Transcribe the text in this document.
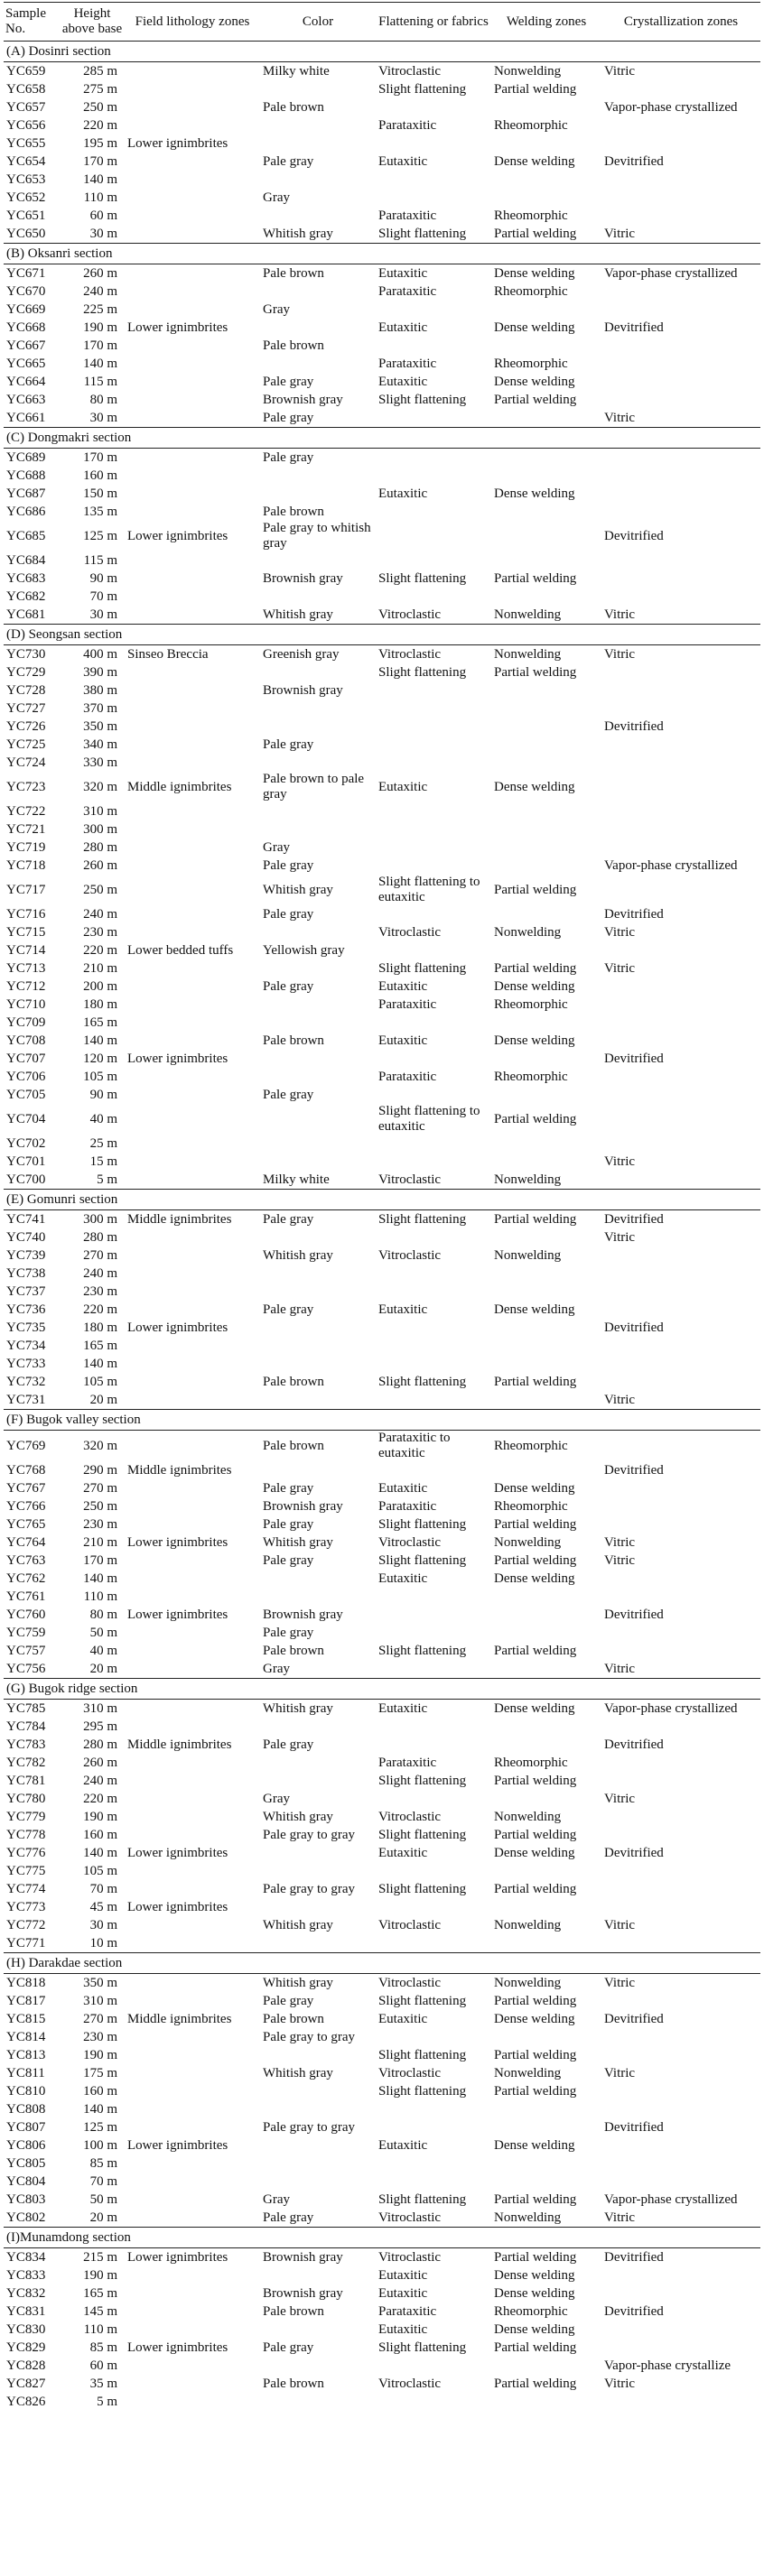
Sample No.	Height above base	Field lithology zones	Color	Flattening or fabrics	Welding zones	Crystallization zones
(A) Dosinri section						
YC659	285 m		Milky white	Vitroclastic	Nonwelding	Vitric
YC658	275 m			Slight flattening	Partial welding	
YC657	250 m		Pale brown			Vapor-phase crystallized
YC656	220 m			Parataxitic	Rheomorphic	
YC655	195 m	Lower ignimbrites				
YC654	170 m		Pale gray	Eutaxitic	Dense welding	Devitrified
YC653	140 m					
YC652	110 m		Gray			
YC651	60 m			Parataxitic	Rheomorphic	
YC650	30 m		Whitish gray	Slight flattening	Partial welding	Vitric
(B) Oksanri section						
YC671	260 m		Pale brown	Eutaxitic	Dense welding	Vapor-phase crystallized
YC670	240 m			Parataxitic	Rheomorphic	
YC669	225 m		Gray			
YC668	190 m	Lower ignimbrites		Eutaxitic	Dense welding	Devitrified
YC667	170 m		Pale brown			
YC665	140 m			Parataxitic	Rheomorphic	
YC664	115 m		Pale gray	Eutaxitic	Dense welding	
YC663	80 m		Brownish gray	Slight flattening	Partial welding	
YC661	30 m		Pale gray			Vitric
(C) Dongmakri section						
YC689	170 m		Pale gray			
YC688	160 m					
YC687	150 m			Eutaxitic	Dense welding	
YC686	135 m		Pale brown			
YC685	125 m	Lower ignimbrites	Pale gray to whitish gray			Devitrified
YC684	115 m					
YC683	90 m		Brownish gray	Slight flattening	Partial welding	
YC682	70 m					
YC681	30 m		Whitish gray	Vitroclastic	Nonwelding	Vitric
(D) Seongsan section						
YC730	400 m	Sinseo Breccia	Greenish gray	Vitroclastic	Nonwelding	Vitric
YC729	390 m			Slight flattening	Partial welding	
YC728	380 m		Brownish gray			
YC727	370 m					
YC726	350 m					Devitrified
YC725	340 m		Pale gray			
YC724	330 m					
YC723	320 m	Middle ignimbrites	Pale brown to pale gray	Eutaxitic	Dense welding	
YC722	310 m					
YC721	300 m					
YC719	280 m		Gray			
YC718	260 m		Pale gray			Vapor-phase crystallized
YC717	250 m		Whitish gray	Slight flattening to eutaxitic	Partial welding	
YC716	240 m		Pale gray			Devitrified
YC715	230 m			Vitroclastic	Nonwelding	Vitric
YC714	220 m	Lower bedded tuffs	Yellowish gray			
YC713	210 m			Slight flattening	Partial welding	Vitric
YC712	200 m		Pale gray	Eutaxitic	Dense welding	
YC710	180 m			Parataxitic	Rheomorphic	
YC709	165 m					
YC708	140 m		Pale brown	Eutaxitic	Dense welding	
YC707	120 m	Lower ignimbrites				Devitrified
YC706	105 m			Parataxitic	Rheomorphic	
YC705	90 m		Pale gray			
YC704	40 m			Slight flattening to eutaxitic	Partial welding	
YC702	25 m					
YC701	15 m					Vitric
YC700	5 m		Milky white	Vitroclastic	Nonwelding	
(E) Gomunri section						
YC741	300 m	Middle ignimbrites	Pale gray	Slight flattening	Partial welding	Devitrified
YC740	280 m					Vitric
YC739	270 m		Whitish gray	Vitroclastic	Nonwelding	
YC738	240 m					
YC737	230 m					
YC736	220 m		Pale gray	Eutaxitic	Dense welding	
YC735	180 m	Lower ignimbrites				Devitrified
YC734	165 m					
YC733	140 m					
YC732	105 m		Pale brown	Slight flattening	Partial welding	
YC731	20 m					Vitric
(F) Bugok valley section						
YC769	320 m		Pale brown	Parataxitic to eutaxitic	Rheomorphic	
YC768	290 m	Middle ignimbrites				Devitrified
YC767	270 m		Pale gray	Eutaxitic	Dense welding	
YC766	250 m		Brownish gray	Parataxitic	Rheomorphic	
YC765	230 m		Pale gray	Slight flattening	Partial welding	
YC764	210 m	Lower ignimbrites	Whitish gray	Vitroclastic	Nonwelding	Vitric
YC763	170 m		Pale gray	Slight flattening	Partial welding	Vitric
YC762	140 m			Eutaxitic	Dense welding	
YC761	110 m					
YC760	80 m	Lower ignimbrites	Brownish gray			Devitrified
YC759	50 m		Pale gray			
YC757	40 m		Pale brown	Slight flattening	Partial welding	
YC756	20 m		Gray			Vitric
(G) Bugok ridge section						
YC785	310 m		Whitish gray	Eutaxitic	Dense welding	Vapor-phase crystallized
YC784	295 m					
YC783	280 m	Middle ignimbrites	Pale gray			Devitrified
YC782	260 m			Parataxitic	Rheomorphic	
YC781	240 m			Slight flattening	Partial welding	
YC780	220 m		Gray			Vitric
YC779	190 m		Whitish gray	Vitroclastic	Nonwelding	
YC778	160 m		Pale gray to gray	Slight flattening	Partial welding	
YC776	140 m	Lower ignimbrites		Eutaxitic	Dense welding	Devitrified
YC775	105 m					
YC774	70 m		Pale gray to gray	Slight flattening	Partial welding	
YC773	45 m	Lower ignimbrites				
YC772	30 m		Whitish gray	Vitroclastic	Nonwelding	Vitric
YC771	10 m					
(H) Darakdae section						
YC818	350 m		Whitish gray	Vitroclastic	Nonwelding	Vitric
YC817	310 m		Pale gray	Slight flattening	Partial welding	
YC815	270 m	Middle ignimbrites	Pale brown	Eutaxitic	Dense welding	Devitrified
YC814	230 m		Pale gray to gray			
YC813	190 m			Slight flattening	Partial welding	
YC811	175 m		Whitish gray	Vitroclastic	Nonwelding	Vitric
YC810	160 m			Slight flattening	Partial welding	
YC808	140 m					
YC807	125 m		Pale gray to gray			Devitrified
YC806	100 m	Lower ignimbrites		Eutaxitic	Dense welding	
YC805	85 m					
YC804	70 m					
YC803	50 m		Gray	Slight flattening	Partial welding	Vapor-phase crystallized
YC802	20 m		Pale gray	Vitroclastic	Nonwelding	Vitric
(I)Munamdong section						
YC834	215 m	Lower ignimbrites	Brownish gray	Vitroclastic	Partial welding	Devitrified
YC833	190 m			Eutaxitic	Dense welding	
YC832	165 m		Brownish gray	Eutaxitic	Dense welding	
YC831	145 m		Pale brown	Parataxitic	Rheomorphic	Devitrified
YC830	110 m			Eutaxitic	Dense welding	
YC829	85 m	Lower ignimbrites	Pale gray	Slight flattening	Partial welding	
YC828	60 m					Vapor-phase crystallize
YC827	35 m		Pale brown	Vitroclastic	Partial welding	Vitric
YC826	5 m					
